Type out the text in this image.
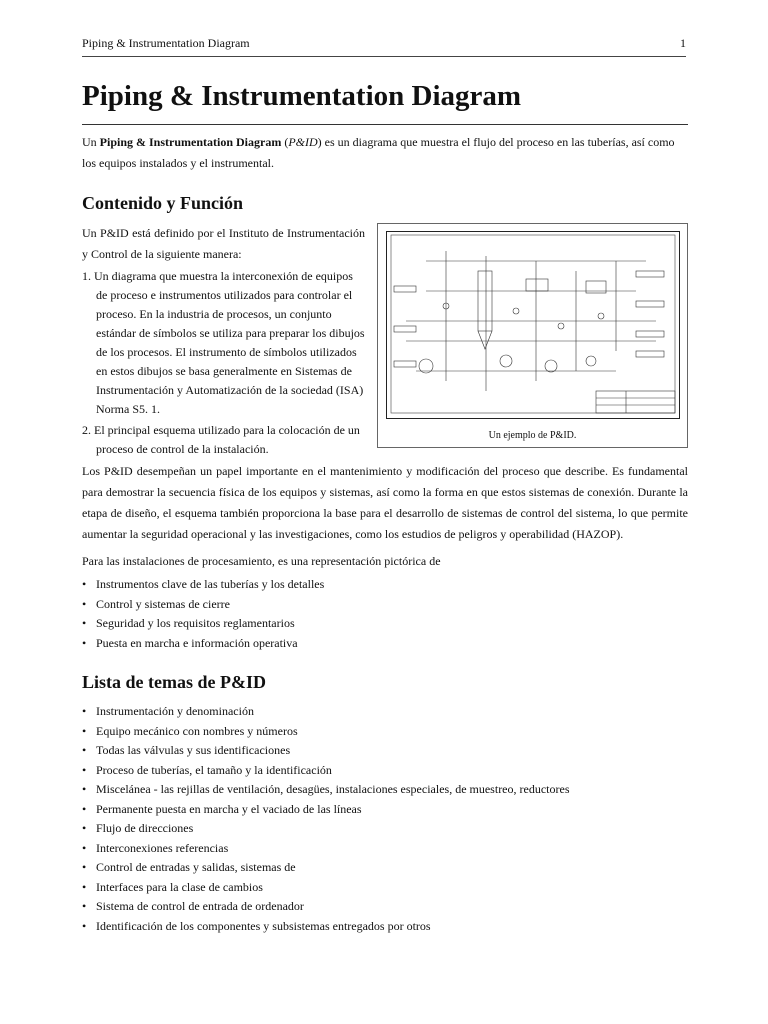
Piping & Instrumentation Diagram	1
Piping & Instrumentation Diagram

Un Piping & Instrumentation Diagram (P&ID) es un diagrama que muestra el flujo del proceso en las tuberías, así como los equipos instalados y el instrumental.

Contenido y Función
Un ejemplo de P&ID.

Un P&ID está definido por el Instituto de Instrumentación y Control de la siguiente manera:

1. Un diagrama que muestra la interconexión de equipos de proceso e instrumentos utilizados para controlar el proceso. En la industria de procesos, un conjunto estándar de símbolos se utiliza para preparar los dibujos de los procesos. El instrumento de símbolos utilizados en estos dibujos se basa generalmente en Sistemas de Instrumentación y Automatización de la sociedad (ISA) Norma S5. 1.
2. El principal esquema utilizado para la colocación de un proceso de control de la instalación.

Los P&ID desempeñan un papel importante en el mantenimiento y modificación del proceso que describe. Es fundamental para demostrar la secuencia física de los equipos y sistemas, así como la forma en que estos sistemas de conexión. Durante la etapa de diseño, el esquema también proporciona la base para el desarrollo de sistemas de control del sistema, lo que permite aumentar la seguridad operacional y las investigaciones, como los estudios de peligros y operabilidad (HAZOP).

Para las instalaciones de procesamiento, es una representación pictórica de

• Instrumentos clave de las tuberías y los detalles
• Control y sistemas de cierre
• Seguridad y los requisitos reglamentarios
• Puesta en marcha e información operativa
Lista de temas de P&ID
• Instrumentación y denominación
• Equipo mecánico con nombres y números
• Todas las válvulas y sus identificaciones
• Proceso de tuberías, el tamaño y la identificación
• Miscelánea - las rejillas de ventilación, desagües, instalaciones especiales, de muestreo, reductores
• Permanente puesta en marcha y el vaciado de las líneas
• Flujo de direcciones
• Interconexiones referencias
• Control de entradas y salidas, sistemas de
• Interfaces para la clase de cambios
• Sistema de control de entrada de ordenador
• Identificación de los componentes y subsistemas entregados por otros
